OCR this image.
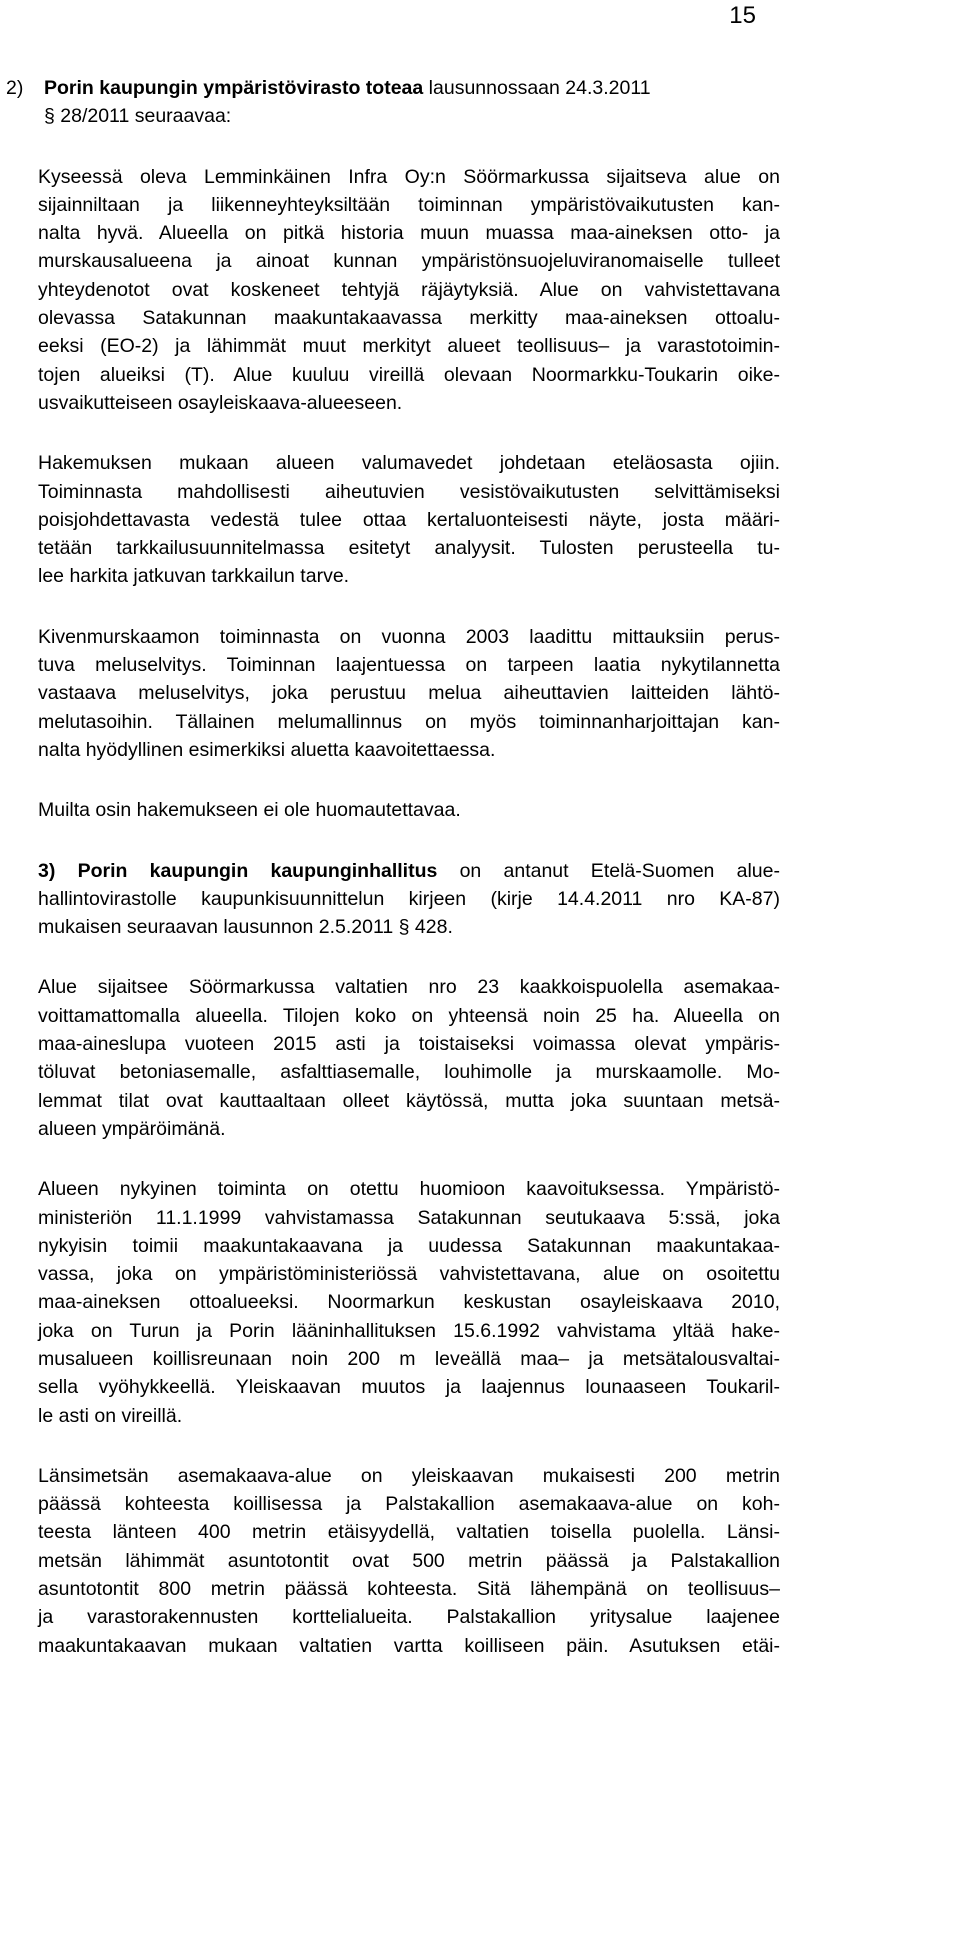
15
2) Porin kaupungin ympäristövirasto toteaa lausunnossaan 24.3.2011
§ 28/2011 seuraavaa:
Kyseessä oleva Lemminkäinen Infra Oy:n Söörmarkussa sijaitseva alue on
sijainniltaan ja liikenneyhteyksiltään toiminnan ympäristövaikutusten kan-
nalta hyvä. Alueella on pitkä historia muun muassa maa-aineksen otto- ja
murskausalueena ja ainoat kunnan ympäristönsuojeluviranomaiselle tulleet
yhteydenotot ovat koskeneet tehtyjä räjäytyksiä. Alue on vahvistettavana
olevassa Satakunnan maakuntakaavassa merkitty maa-aineksen ottoalu-
eeksi (EO-2) ja lähimmät muut merkityt alueet teollisuus‒ ja varastotoimin-
tojen alueiksi (T). Alue kuuluu vireillä olevaan Noormarkku-Toukarin oike-
usvaikutteiseen osayleiskaava-alueeseen.
Hakemuksen mukaan alueen valumavedet johdetaan eteläosasta ojiin.
Toiminnasta mahdollisesti aiheutuvien vesistövaikutusten selvittämiseksi
poisjohdettavasta vedestä tulee ottaa kertaluonteisesti näyte, josta määri-
tetään tarkkailusuunnitelmassa esitetyt analyysit. Tulosten perusteella tu-
lee harkita jatkuvan tarkkailun tarve.
Kivenmurskaamon toiminnasta on vuonna 2003 laadittu mittauksiin perus-
tuva meluselvitys. Toiminnan laajentuessa on tarpeen laatia nykytilannetta
vastaava meluselvitys, joka perustuu melua aiheuttavien laitteiden lähtö-
melutasoihin. Tällainen melumallinnus on myös toiminnanharjoittajan kan-
nalta hyödyllinen esimerkiksi aluetta kaavoitettaessa.
Muilta osin hakemukseen ei ole huomautettavaa.
3) Porin kaupungin kaupunginhallitus on antanut Etelä-Suomen alue-
hallintovirastolle kaupunkisuunnittelun kirjeen (kirje 14.4.2011 nro KA-87)
mukaisen seuraavan lausunnon 2.5.2011 § 428.
Alue sijaitsee Söörmarkussa valtatien nro 23 kaakkoispuolella asemakaa-
voittamattomalla alueella. Tilojen koko on yhteensä noin 25 ha. Alueella on
maa-aineslupa vuoteen 2015 asti ja toistaiseksi voimassa olevat ympäris-
töluvat betoniasemalle, asfalttiasemalle, louhimolle ja murskaamolle. Mo-
lemmat tilat ovat kauttaaltaan olleet käytössä, mutta joka suuntaan metsä-
alueen ympäröimänä.
Alueen nykyinen toiminta on otettu huomioon kaavoituksessa. Ympäristö-
ministeriön 11.1.1999 vahvistamassa Satakunnan seutukaava 5:ssä, joka
nykyisin toimii maakuntakaavana ja uudessa Satakunnan maakuntakaa-
vassa, joka on ympäristöministeriössä vahvistettavana, alue on osoitettu
maa-aineksen ottoalueeksi. Noormarkun keskustan osayleiskaava 2010,
joka on Turun ja Porin lääninhallituksen 15.6.1992 vahvistama yltää hake-
musalueen koillisreunaan noin 200 m leveällä maa‒ ja metsätalousvaltai-
sella vyöhykkeellä. Yleiskaavan muutos ja laajennus lounaaseen Toukaril-
le asti on vireillä.
Länsimetsän asemakaava-alue on yleiskaavan mukaisesti 200 metrin
päässä kohteesta koillisessa ja Palstakallion asemakaava-alue on koh-
teesta länteen 400 metrin etäisyydellä, valtatien toisella puolella. Länsi-
metsän lähimmät asuntotontit ovat 500 metrin päässä ja Palstakallion
asuntotontit 800 metrin päässä kohteesta. Sitä lähempänä on teollisuus‒
ja varastorakennusten korttelialueita. Palstakallion yritysalue laajenee
maakuntakaavan mukaan valtatien vartta koilliseen päin. Asutuksen etäi-
